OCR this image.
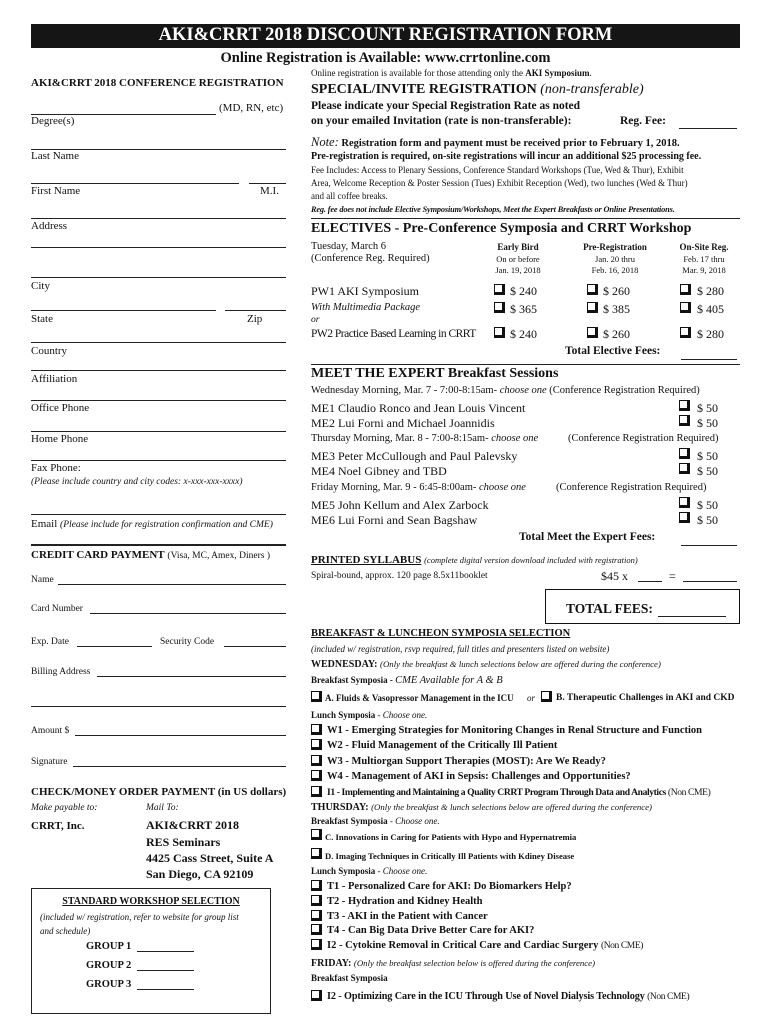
AKI&CRRT 2018 DISCOUNT REGISTRATION FORM
Online Registration is Available: www.crrtonline.com
AKI&CRRT 2018 CONFERENCE REGISTRATION
(MD, RN, etc)
Degree(s)
Last Name
First Name	M.I.
Address
City
State	Zip
Country
Affiliation
Office Phone
Home Phone
Fax Phone:
(Please include country and city codes: x-xxx-xxx-xxxx)
Email (Please include for registration confirmation and CME)
CREDIT CARD PAYMENT (Visa, MC, Amex, Diners )
Name
Card Number
Exp. Date	Security Code
Billing Address
Amount $
Signature
CHECK/MONEY ORDER PAYMENT (in US dollars)
Make payable to:	Mail To:
CRRT, Inc.	AKI&CRRT 2018
RES Seminars
4425 Cass Street, Suite A
San Diego, CA 92109
STANDARD WORKSHOP SELECTION
(included w/ registration, refer to website for group list
and schedule)
GROUP 1
GROUP 2
GROUP 3
Online registration is available for those attending only the AKI Symposium.
SPECIAL/INVITE REGISTRATION (non-transferable)
Please indicate your Special Registration Rate as noted
on your emailed Invitation (rate is non-transferable):	Reg. Fee:
Note: Registration form and payment must be received prior to February 1, 2018.
Pre-registration is required, on-site registrations will incur an additional $25 processing fee.
Fee Includes: Access to Plenary Sessions, Conference Standard Workshops (Tue, Wed & Thur), Exhibit
Area, Welcome Reception & Poster Session (Tues) Exhibit Reception (Wed), two lunches (Wed & Thur)
and all coffee breaks.
Reg. fee does not include Elective Symposium/Workshops, Meet the Expert Breakfasts or Online Presentations.
ELECTIVES - Pre-Conference Symposia and CRRT Workshop
Tuesday, March 6
(Conference Reg. Required)
Early Bird
On or before
Jan. 19, 2018
Pre-Registration
Jan. 20 thru
Feb. 16, 2018
On-Site Reg.
Feb. 17 thru
Mar. 9, 2018
PW1 AKI Symposium	$ 240	$ 260	$ 280
With Multimedia Package	$ 365	$ 385	$ 405
or
PW2 Practice Based Learning in CRRT	$ 240	$ 260	$ 280
Total Elective Fees:
MEET THE EXPERT Breakfast Sessions
Wednesday Morning, Mar. 7 - 7:00-8:15am- choose one (Conference Registration Required)
ME1 Claudio Ronco and Jean Louis Vincent	$ 50
ME2 Lui Forni and Michael Joannidis	$ 50
Thursday Morning, Mar. 8 - 7:00-8:15am- choose one	(Conference Registration Required)
ME3 Peter McCullough and Paul Palevsky	$ 50
ME4 Noel Gibney and TBD	$ 50
Friday Morning, Mar. 9 - 6:45-8:00am- choose one	(Conference Registration Required)
ME5 John Kellum and Alex Zarbock	$ 50
ME6 Lui Forni and Sean Bagshaw	$ 50
Total Meet the Expert Fees:
PRINTED SYLLABUS (complete digital version download included with registration)
Spiral-bound, approx. 120 page 8.5x11booklet	$45 x	=
TOTAL FEES:
BREAKFAST & LUNCHEON SYMPOSIA SELECTION
(included w/ registration, rsvp required, full titles and presenters listed on website)
WEDNESDAY: (Only the breakfast & lunch selections below are offered during the conference)
Breakfast Symposia - CME Available for A & B
A. Fluids & Vasopressor Management in the ICU or B. Therapeutic Challenges in AKI and CKD
Lunch Symposia - Choose one.
W1 - Emerging Strategies for Monitoring Changes in Renal Structure and Function
W2 - Fluid Management of the Critically Ill Patient
W3 - Multiorgan Support Therapies (MOST): Are We Ready?
W4 - Management of AKI in Sepsis: Challenges and Opportunities?
I1 - Implementing and Maintaining a Quality CRRT Program Through Data and Analytics (Non CME)
THURSDAY: (Only the breakfast & lunch selections below are offered during the conference)
Breakfast Symposia - Choose one.
C. Innovations in Caring for Patients with Hypo and Hypernatremia
D. Imaging Techniques in Critically Ill Patients with Kdiney Disease
Lunch Symposia - Choose one.
T1 - Personalized Care for AKI: Do Biomarkers Help?
T2 - Hydration and Kidney Health
T3 - AKI in the Patient with Cancer
T4 - Can Big Data Drive Better Care for AKI?
I2 - Cytokine Removal in Critical Care and Cardiac Surgery (Non CME)
FRIDAY: (Only the breakfast selection below is offered during the conference)
Breakfast Symposia
I2 - Optimizing Care in the ICU Through Use of Novel Dialysis Technology (Non CME)
